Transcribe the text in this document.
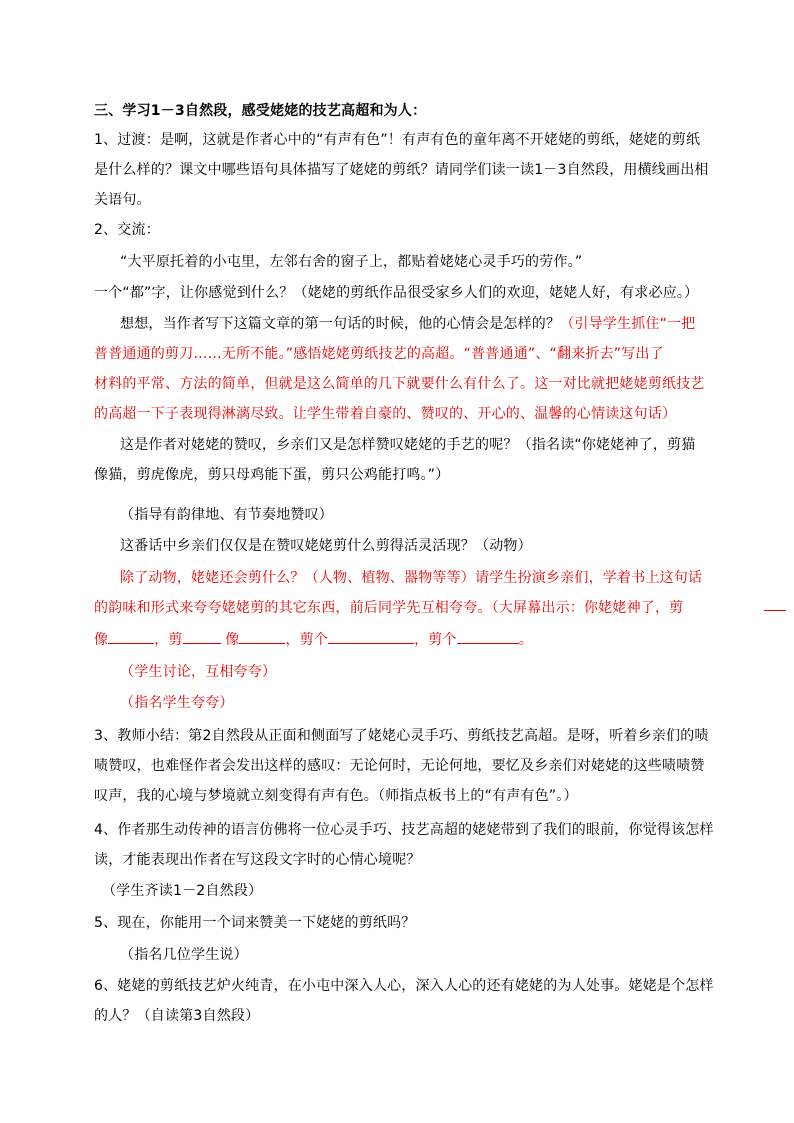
三、学习1－3自然段，感受姥姥的技艺高超和为人：
1、过渡：是啊，这就是作者心中的“有声有色”！有声有色的童年离不开姥姥的剪纸，姥姥的剪纸
是什么样的？课文中哪些语句具体描写了姥姥的剪纸？请同学们读一读1－3自然段，用横线画出相
关语句。
2、交流：
“大平原托着的小屯里，左邻右舍的窗子上，都贴着姥姥心灵手巧的劳作。”
一个“都”字，让你感觉到什么？（姥姥的剪纸作品很受家乡人们的欢迎，姥姥人好，有求必应。）
想想，当作者写下这篇文章的第一句话的时候，他的心情会是怎样的？（引导学生抓住“一把
普普通通的剪刀……无所不能。”感悟姥姥剪纸技艺的高超。“普普通通”、“翻来折去”写出了
材料的平常、方法的简单，但就是这么简单的几下就要什么有什么了。这一对比就把姥姥剪纸技艺
的高超一下子表现得淋漓尽致。让学生带着自豪的、赞叹的、开心的、温馨的心情读这句话）
这是作者对姥姥的赞叹，乡亲们又是怎样赞叹姥姥的手艺的呢？（指名读“你姥姥神了，剪猫
像猫，剪虎像虎，剪只母鸡能下蛋，剪只公鸡能打鸣。”）
（指导有韵律地、有节奏地赞叹）
这番话中乡亲们仅仅是在赞叹姥姥剪什么剪得活灵活现？（动物）
除了动物，姥姥还会剪什么？（人物、植物、器物等等）请学生扮演乡亲们，学着书上这句话
的韵味和形式来夸夸姥姥剪的其它东西，前后同学先互相夸夸。（大屏幕出示：你姥姥神了，剪
像	，剪	像	，剪个	，剪个	。
（学生讨论，互相夸夸）
（指名学生夸夸）
3、教师小结：第2自然段从正面和侧面写了姥姥心灵手巧、剪纸技艺高超。是呀，听着乡亲们的啧
啧赞叹，也难怪作者会发出这样的感叹：无论何时，无论何地，要忆及乡亲们对姥姥的这些啧啧赞
叹声，我的心境与梦境就立刻变得有声有色。（师指点板书上的“有声有色”。）
4、作者那生动传神的语言仿佛将一位心灵手巧、技艺高超的姥姥带到了我们的眼前，你觉得该怎样
读，才能表现出作者在写这段文字时的心情心境呢？
（学生齐读1－2自然段）
5、现在，你能用一个词来赞美一下姥姥的剪纸吗？
（指名几位学生说）
6、姥姥的剪纸技艺炉火纯青，在小屯中深入人心，深入人心的还有姥姥的为人处事。姥姥是个怎样
的人？（自读第3自然段）
